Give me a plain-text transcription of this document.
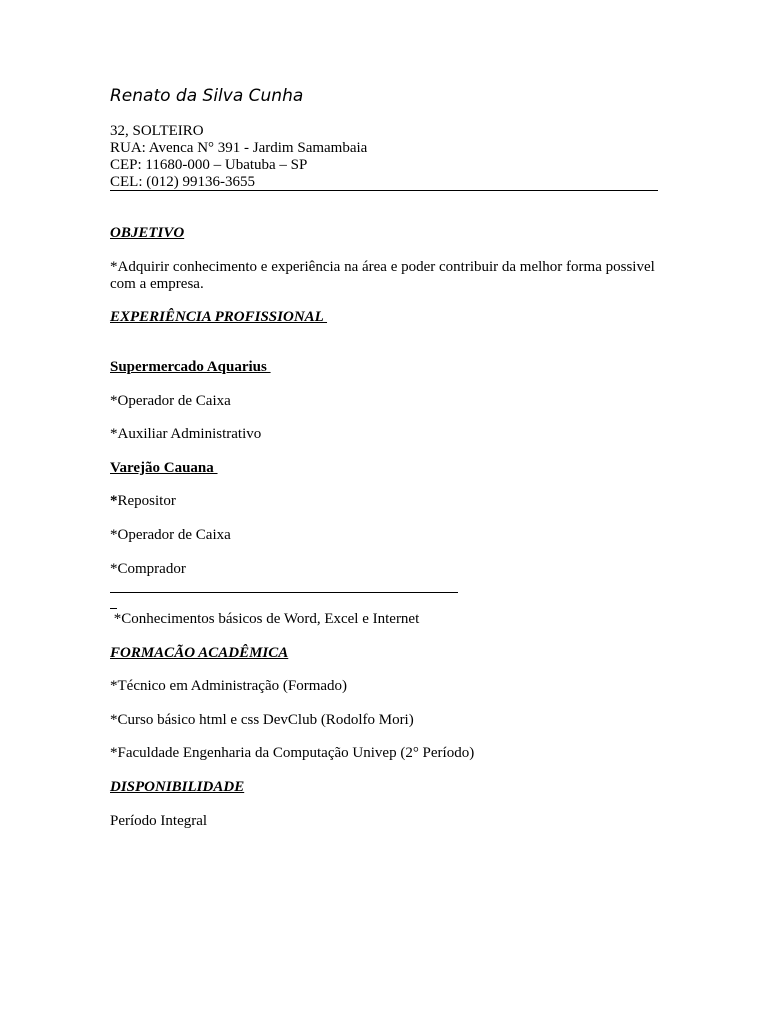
Renato da Silva Cunha
32, SOLTEIRO
RUA: Avenca N° 391 - Jardim Samambaia
CEP: 11680-000 – Ubatuba – SP
CEL: (012) 99136-3655
OBJETIVO
*Adquirir conhecimento e experiência na área e poder contribuir da melhor forma possivel com a empresa.
EXPERIÊNCIA PROFISSIONAL
Supermercado Aquarius
*Operador de Caixa
*Auxiliar Administrativo
Varejão Cauana
*Repositor
*Operador de Caixa
*Comprador
*Conhecimentos básicos de Word, Excel e Internet
FORMACÃO ACADÊMICA
*Técnico em Administração (Formado)
*Curso básico html e css DevClub (Rodolfo Mori)
*Faculdade Engenharia da Computação Univep (2° Período)
DISPONIBILIDADE
Período Integral
